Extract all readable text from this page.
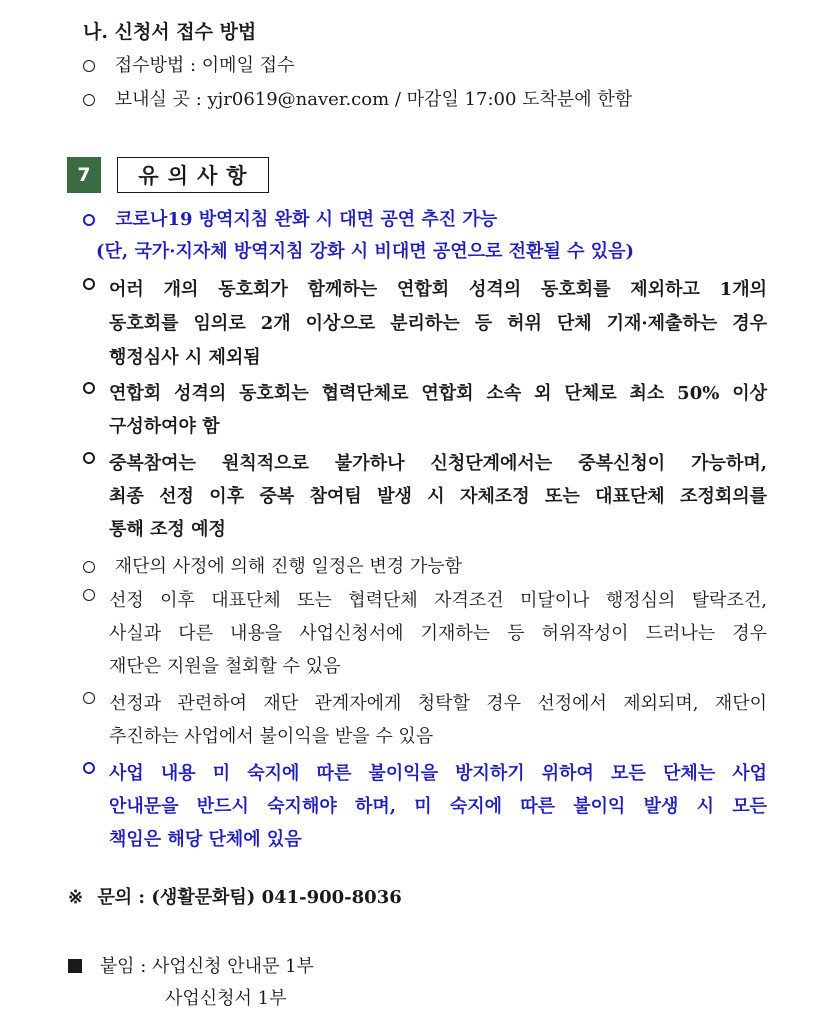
나. 신청서 접수 방법
접수방법 : 이메일 접수
보내실 곳 : yjr0619@naver.com / 마감일 17:00 도착분에 한함
7	유의사항
코로나19 방역지침 완화 시 대면 공연 추진 가능
(단, 국가·지자체 방역지침 강화 시 비대면 공연으로 전환될 수 있음)
어러 개의 동호회가 함께하는 연합회 성격의 동호회를 제외하고 1개의
동호회를 임의로 2개 이상으로 분리하는 등 허위 단체 기재·제출하는 경우
행정심사 시 제외됨
연합회 성격의 동호회는 협력단체로 연합회 소속 외 단체로 최소 50% 이상
구성하여야 함
중복참여는 원칙적으로 불가하나 신청단계에서는 중복신청이 가능하며,
최종 선정 이후 중복 참여팀 발생 시 자체조정 또는 대표단체 조정회의를
통해 조정 예정
재단의 사정에 의해 진행 일정은 변경 가능함
선정 이후 대표단체 또는 협력단체 자격조건 미달이나 행정심의 탈락조건,
사실과 다른 내용을 사업신청서에 기재하는 등 허위작성이 드러나는 경우
재단은 지원을 철회할 수 있음
선정과 관련하여 재단 관계자에게 청탁할 경우 선정에서 제외되며, 재단이
추진하는 사업에서 불이익을 받을 수 있음
사업 내용 미 숙지에 따른 불이익을 방지하기 위하여 모든 단체는 사업
안내문을 반드시 숙지해야 하며, 미 숙지에 따른 불이익 발생 시 모든
책임은 해당 단체에 있음
※ 문의 : (생활문화팀) 041-900-8036
붙임 : 사업신청 안내문 1부
사업신청서 1부
